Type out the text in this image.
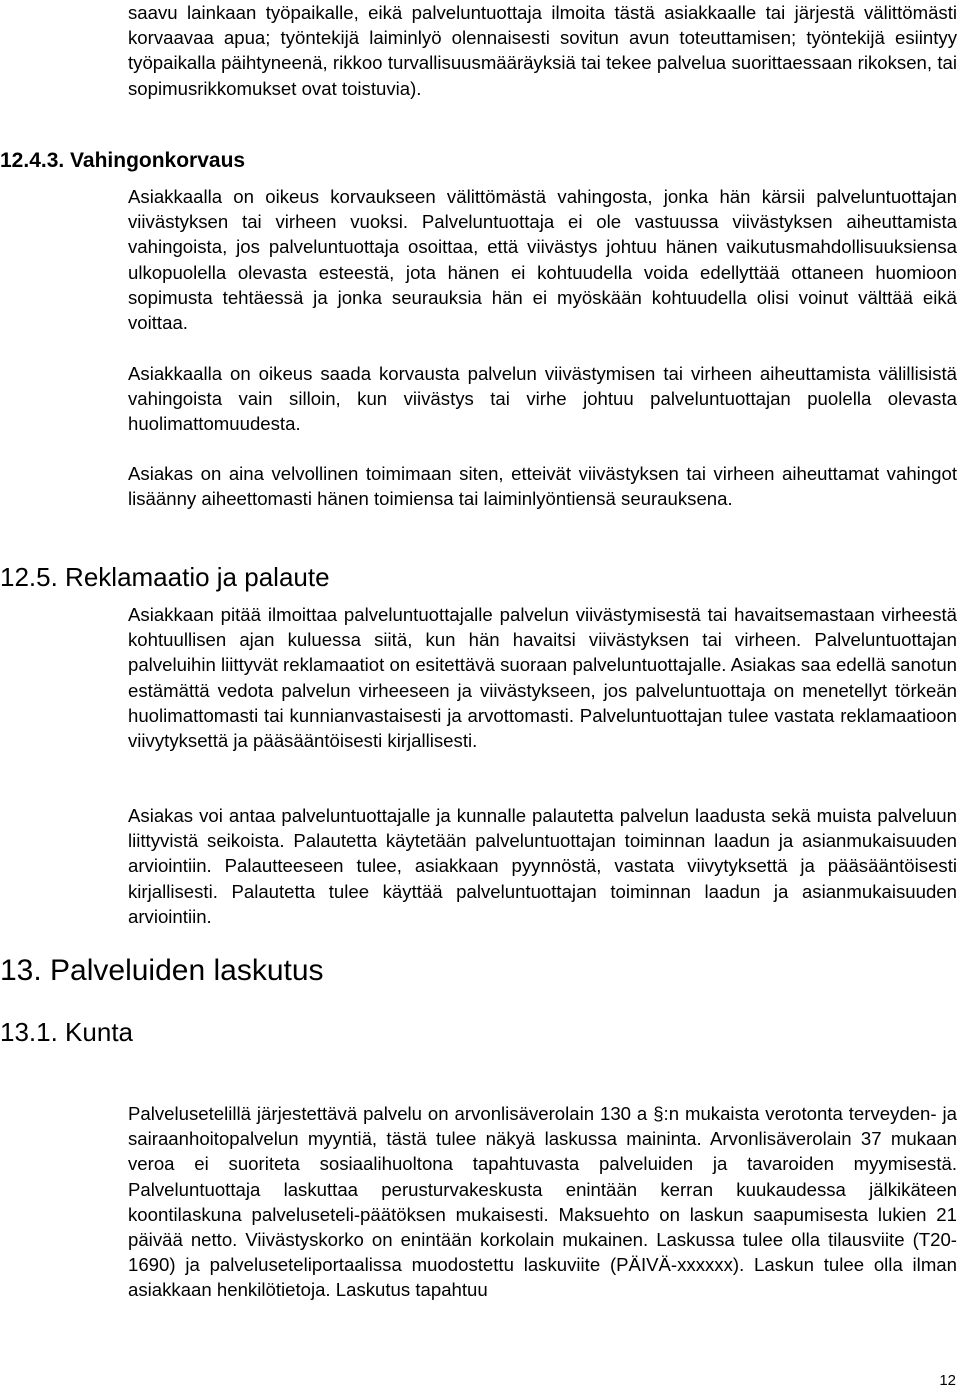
saavu lainkaan työpaikalle, eikä palveluntuottaja ilmoita tästä asiakkaalle tai järjestä välittömästi korvaavaa apua; työntekijä laiminlyö olennaisesti sovitun avun toteuttamisen; työntekijä esiintyy työpaikalla päihtyneenä, rikkoo turvallisuusmääräyksiä tai tekee palvelua suorittaessaan rikoksen, tai sopimusrikkomukset ovat toistuvia).

12.4.3. Vahingonkorvaus

Asiakkaalla on oikeus korvaukseen välittömästä vahingosta, jonka hän kärsii palveluntuottajan viivästyksen tai virheen vuoksi. Palveluntuottaja ei ole vastuussa viivästyksen aiheuttamista vahingoista, jos palveluntuottaja osoittaa, että viivästys johtuu hänen vaikutusmahdollisuuksiensa ulkopuolella olevasta esteestä, jota hänen ei kohtuudella voida edellyttää ottaneen huomioon sopimusta tehtäessä ja jonka seurauksia hän ei myöskään kohtuudella olisi voinut välttää eikä voittaa.

Asiakkaalla on oikeus saada korvausta palvelun viivästymisen tai virheen aiheuttamista välillisistä vahingoista vain silloin, kun viivästys tai virhe johtuu palveluntuottajan puolella olevasta huolimattomuudesta.

Asiakas on aina velvollinen toimimaan siten, etteivät viivästyksen tai virheen aiheuttamat vahingot lisäänny aiheettomasti hänen toimiensa tai laiminlyöntiensä seurauksena.

12.5. Reklamaatio ja palaute

Asiakkaan pitää ilmoittaa palveluntuottajalle palvelun viivästymisestä tai havaitsemastaan virheestä kohtuullisen ajan kuluessa siitä, kun hän havaitsi viivästyksen tai virheen. Palveluntuottajan palveluihin liittyvät reklamaatiot on esitettävä suoraan palveluntuottajalle. Asiakas saa edellä sanotun estämättä vedota palvelun virheeseen ja viivästykseen, jos palveluntuottaja on menetellyt törkeän huolimattomasti tai kunnianvastaisesti ja arvottomasti. Palveluntuottajan tulee vastata reklamaatioon viivytyksettä ja pääsääntöisesti kirjallisesti.

Asiakas voi antaa palveluntuottajalle ja kunnalle palautetta palvelun laadusta sekä muista palveluun liittyvistä seikoista. Palautetta käytetään palveluntuottajan toiminnan laadun ja asianmukaisuuden arviointiin. Palautteeseen tulee, asiakkaan pyynnöstä, vastata viivytyksettä ja pääsääntöisesti kirjallisesti. Palautetta tulee käyttää palveluntuottajan toiminnan laadun ja asianmukaisuuden arviointiin.

13. Palveluiden laskutus
13.1. Kunta

Palvelusetelillä järjestettävä palvelu on arvonlisäverolain 130 a §:n mukaista verotonta terveyden- ja sairaanhoitopalvelun myyntiä, tästä tulee näkyä laskussa maininta. Arvonlisäverolain 37 mukaan veroa ei suoriteta sosiaalihuoltona tapahtuvasta palveluiden ja tavaroiden myymisestä. Palveluntuottaja laskuttaa perusturvakeskusta enintään kerran kuukaudessa jälkikäteen koontilaskuna palveluseteli-päätöksen mukaisesti. Maksuehto on laskun saapumisesta lukien 21 päivää netto. Viivästyskorko on enintään korkolain mukainen. Laskussa tulee olla tilausviite (T20-1690) ja palveluseteliportaalissa muodostettu laskuviite (PÄIVÄ-xxxxxx). Laskun tulee olla ilman asiakkaan henkilötietoja. Laskutus tapahtuu

12
